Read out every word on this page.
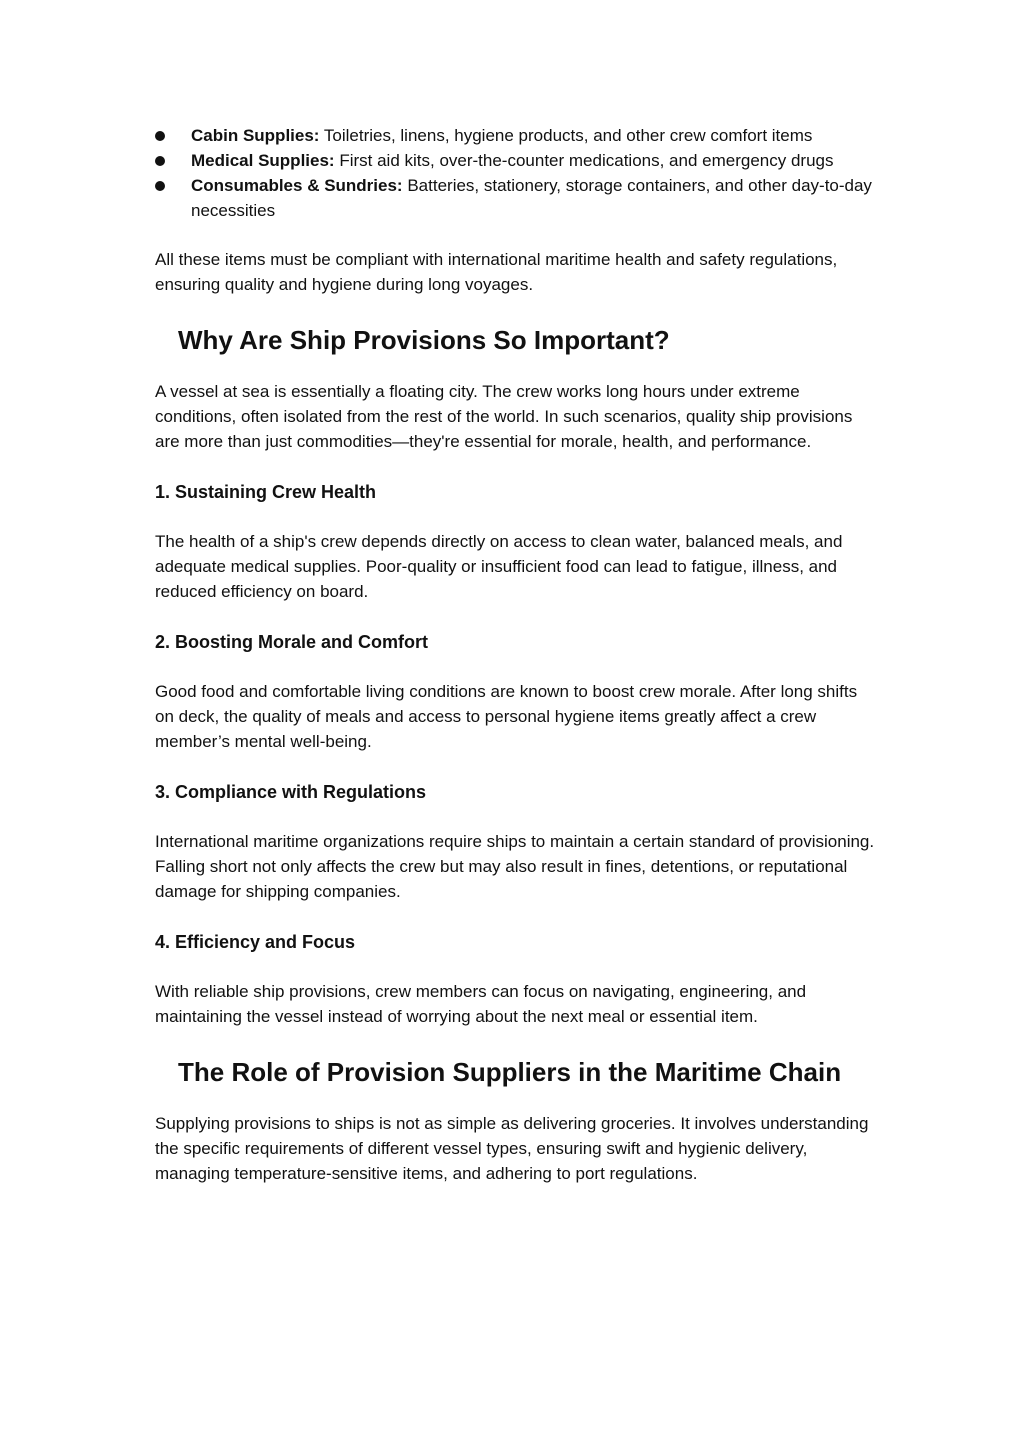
Cabin Supplies: Toiletries, linens, hygiene products, and other crew comfort items
Medical Supplies: First aid kits, over-the-counter medications, and emergency drugs
Consumables & Sundries: Batteries, stationery, storage containers, and other day-to-day necessities

All these items must be compliant with international maritime health and safety regulations, ensuring quality and hygiene during long voyages.

Why Are Ship Provisions So Important?

A vessel at sea is essentially a floating city. The crew works long hours under extreme conditions, often isolated from the rest of the world. In such scenarios, quality ship provisions are more than just commodities—they're essential for morale, health, and performance.

1. Sustaining Crew Health

The health of a ship's crew depends directly on access to clean water, balanced meals, and adequate medical supplies. Poor-quality or insufficient food can lead to fatigue, illness, and reduced efficiency on board.

2. Boosting Morale and Comfort

Good food and comfortable living conditions are known to boost crew morale. After long shifts on deck, the quality of meals and access to personal hygiene items greatly affect a crew member’s mental well-being.

3. Compliance with Regulations

International maritime organizations require ships to maintain a certain standard of provisioning. Falling short not only affects the crew but may also result in fines, detentions, or reputational damage for shipping companies.

4. Efficiency and Focus

With reliable ship provisions, crew members can focus on navigating, engineering, and maintaining the vessel instead of worrying about the next meal or essential item.

The Role of Provision Suppliers in the Maritime Chain

Supplying provisions to ships is not as simple as delivering groceries. It involves understanding the specific requirements of different vessel types, ensuring swift and hygienic delivery, managing temperature-sensitive items, and adhering to port regulations.
